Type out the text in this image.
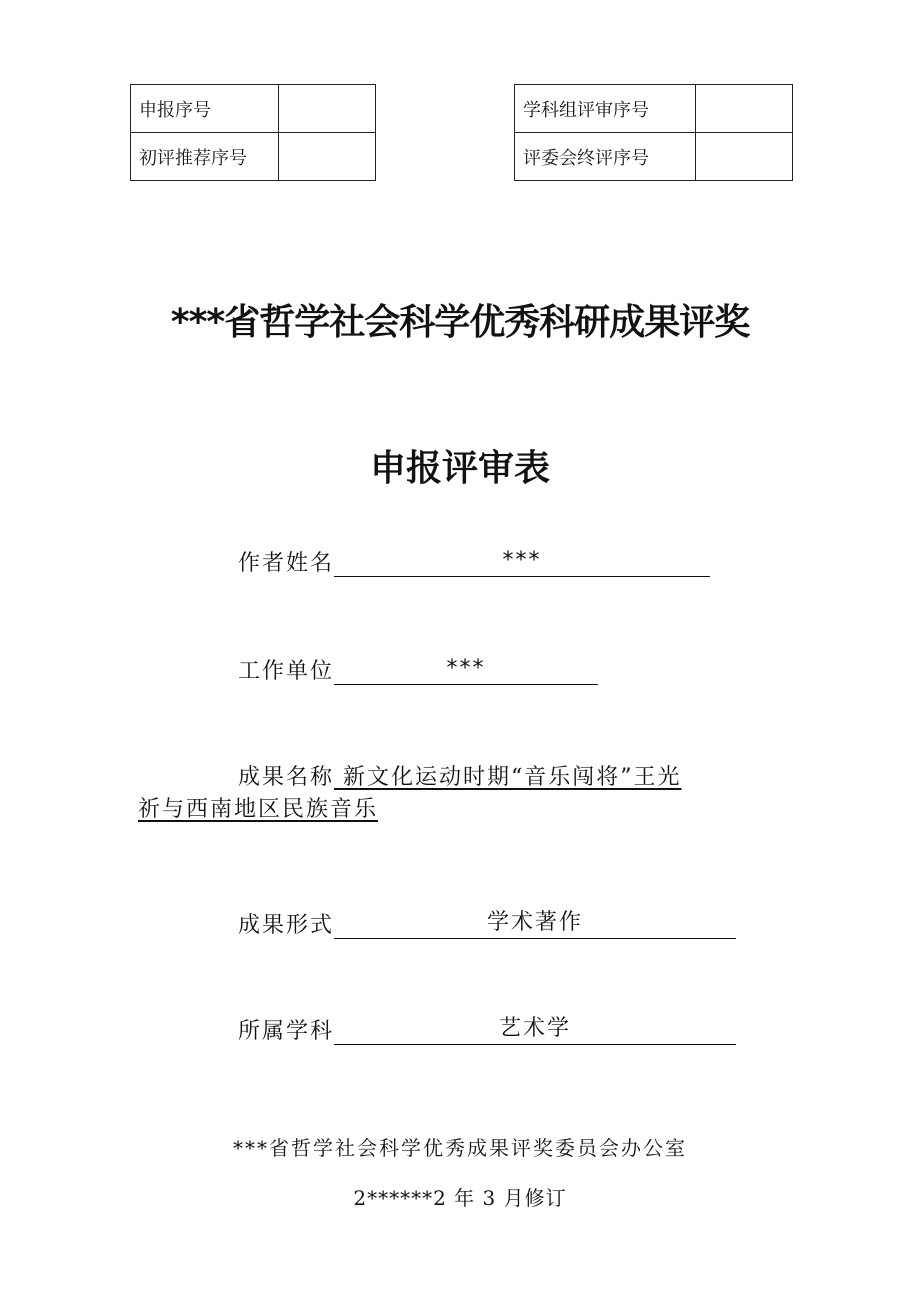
申报序号	
初评推荐序号	
学科组评审序号	
评委会终评序号	
***省哲学社会科学优秀科研成果评奖
申报评审表
作者姓名	***
工作单位	***
成果名称 新文化运动时期“音乐闯将”王光
祈与西南地区民族音乐
成果形式	学术著作
所属学科	艺术学
***省哲学社会科学优秀成果评奖委员会办公室
2******2 年 3 月修订
